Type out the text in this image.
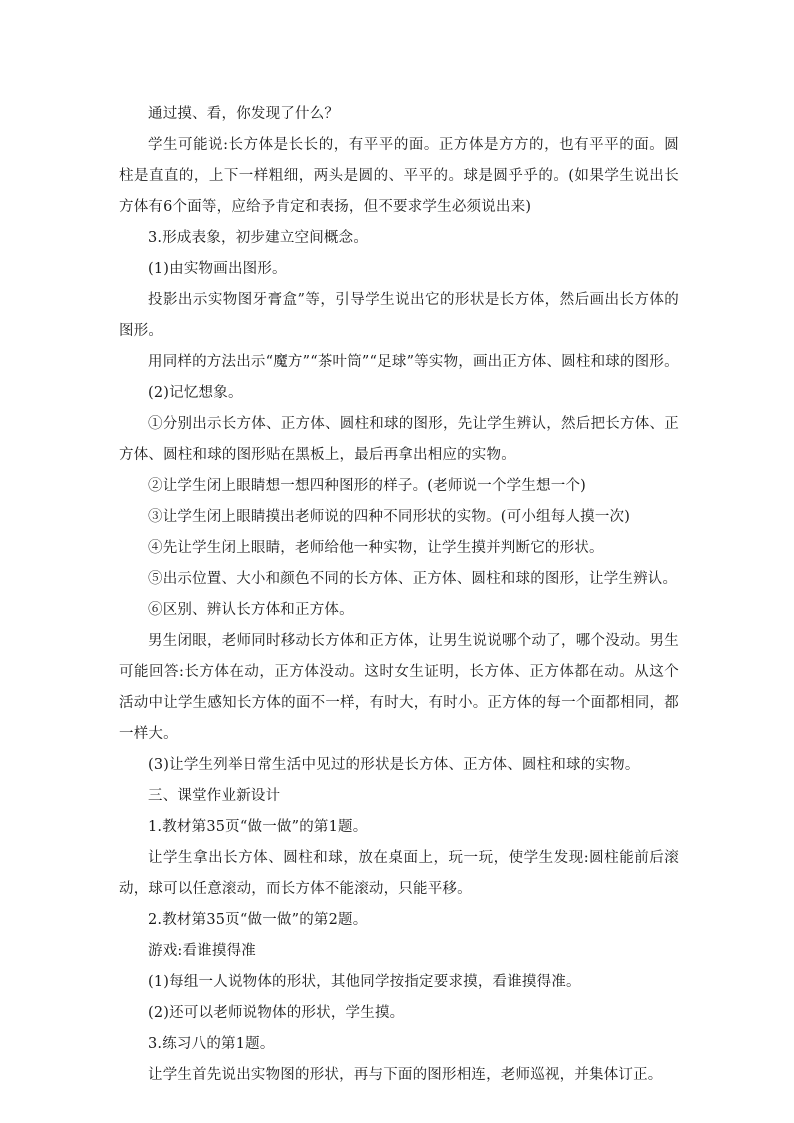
通过摸、看，你发现了什么？

学生可能说:长方体是长长的，有平平的面。正方体是方方的，也有平平的面。圆柱是直直的，上下一样粗细，两头是圆的、平平的。球是圆乎乎的。(如果学生说出长方体有6个面等，应给予肯定和表扬，但不要求学生必须说出来)

3.形成表象，初步建立空间概念。

(1)由实物画出图形。

投影出示实物图牙膏盒”等，引导学生说出它的形状是长方体，然后画出长方体的图形。

用同样的方法出示“魔方”“茶叶筒”“足球”等实物，画出正方体、圆柱和球的图形。

(2)记忆想象。

①分别出示长方体、正方体、圆柱和球的图形，先让学生辨认，然后把长方体、正方体、圆柱和球的图形贴在黑板上，最后再拿出相应的实物。

②让学生闭上眼睛想一想四种图形的样子。(老师说一个学生想一个)

③让学生闭上眼睛摸出老师说的四种不同形状的实物。(可小组每人摸一次)

④先让学生闭上眼睛，老师给他一种实物，让学生摸并判断它的形状。

⑤出示位置、大小和颜色不同的长方体、正方体、圆柱和球的图形，让学生辨认。

⑥区别、辨认长方体和正方体。

男生闭眼，老师同时移动长方体和正方体，让男生说说哪个动了，哪个没动。男生可能回答:长方体在动，正方体没动。这时女生证明，长方体、正方体都在动。从这个活动中让学生感知长方体的面不一样，有时大，有时小。正方体的每一个面都相同，都一样大。

(3)让学生列举日常生活中见过的形状是长方体、正方体、圆柱和球的实物。

三、课堂作业新设计

1.教材第35页“做一做”的第1题。

让学生拿出长方体、圆柱和球，放在桌面上，玩一玩，使学生发现:圆柱能前后滚动，球可以任意滚动，而长方体不能滚动，只能平移。

2.教材第35页“做一做”的第2题。

游戏:看谁摸得准

(1)每组一人说物体的形状，其他同学按指定要求摸，看谁摸得准。

(2)还可以老师说物体的形状，学生摸。

3.练习八的第1题。

让学生首先说出实物图的形状，再与下面的图形相连，老师巡视，并集体订正。
